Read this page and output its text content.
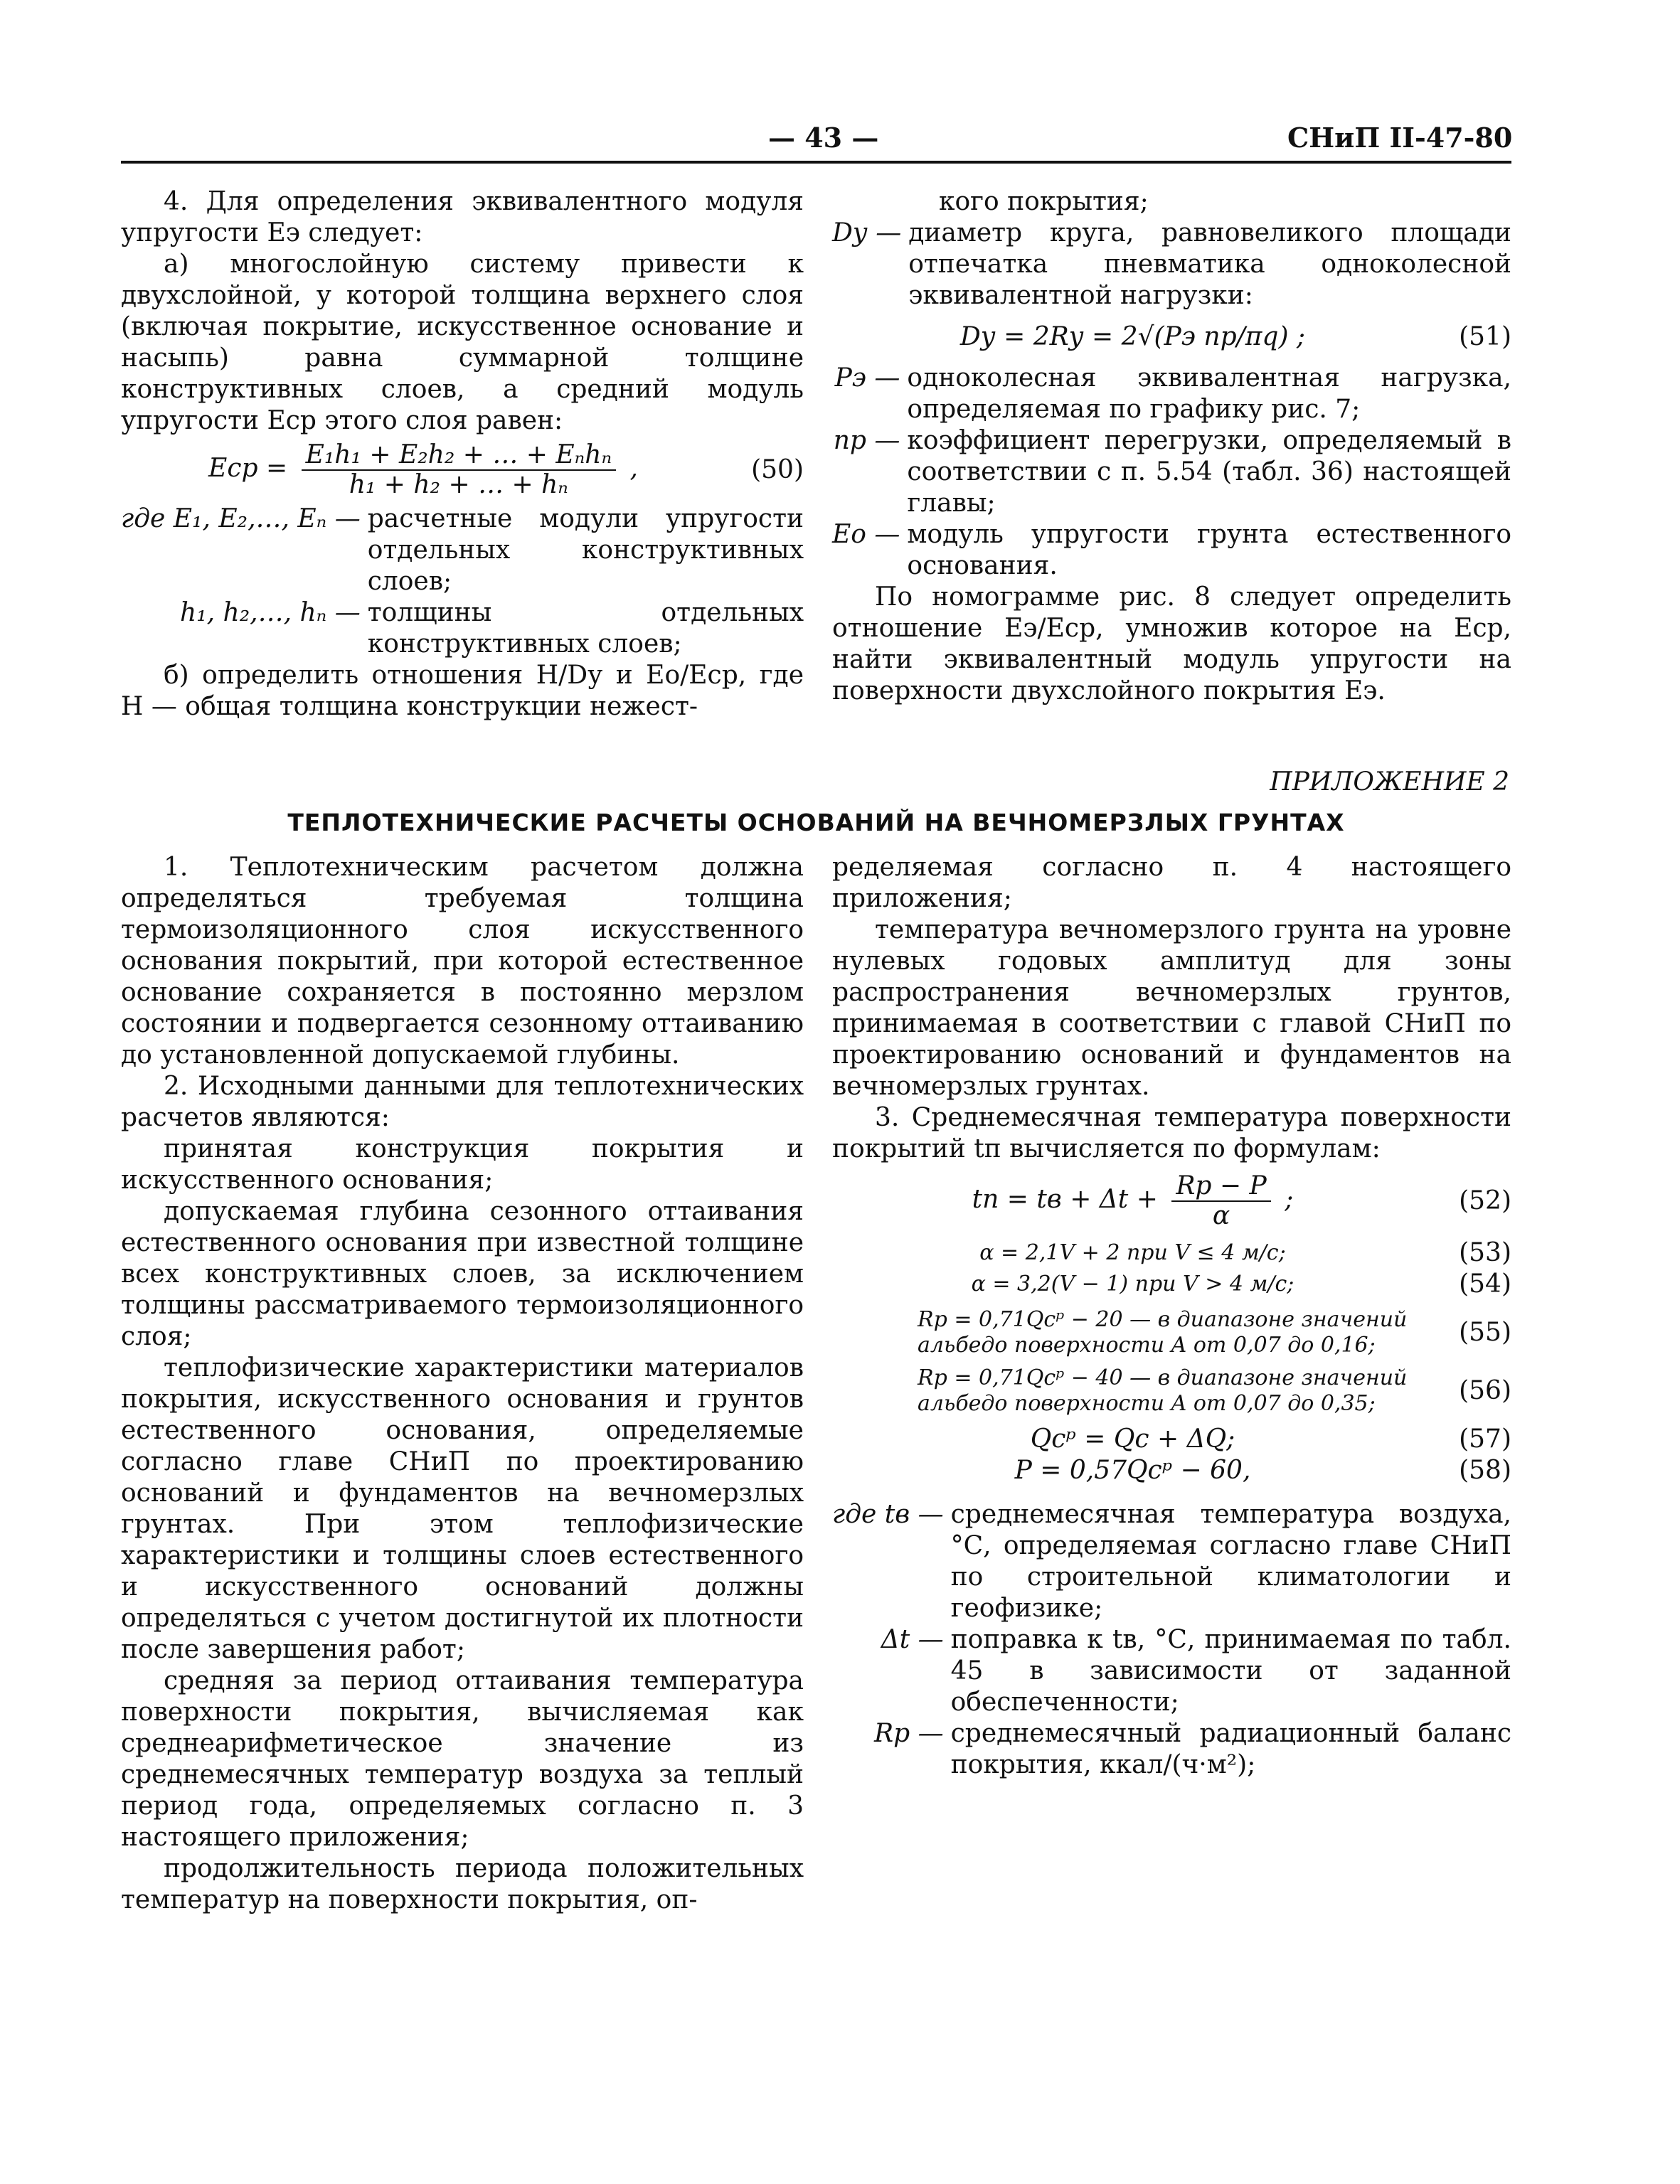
— 43 —	СНиП II-47-80

4. Для определения эквивалентного модуля упругости Eэ следует:

а) многослойную систему привести к двухслойной, у которой толщина верхнего слоя (включая покрытие, искусственное основание и насыпь) равна суммарной толщине конструктивных слоев, а средний модуль упругости Eср этого слоя равен:

Eср = $\frac{\text{E₁h₁ + E₂h₂ + … + Eₙhₙ}}{\text{h₁ + h₂ + … + hₙ}}$ ,	(50)
где E₁, E₂,…, Eₙ — расчетные модули упругости отдельных конструктивных слоев;
h₁, h₂,…, hₙ — толщины отдельных конструктивных слоев;

б) определить отношения H/Dу и Eо/Eср, где H — общая толщина конструкции нежест-

кого покрытия;

Dу — диаметр круга, равновеликого площади отпечатка пневматика одноколесной эквивалентной нагрузки:
Dу = 2Rу = 2√(Pэ nр/πq) ;	(51)
Pэ — одноколесная эквивалентная нагрузка, определяемая по графику рис. 7;
nр — коэффициент перегрузки, определяемый в соответствии с п. 5.54 (табл. 36) настоящей главы;
Eо — модуль упругости грунта естественного основания.

По номограмме рис. 8 следует определить отношение Eэ/Eср, умножив которое на Eср, найти эквивалентный модуль упругости на поверхности двухслойного покрытия Eэ.

ПРИЛОЖЕНИЕ 2
ТЕПЛОТЕХНИЧЕСКИЕ РАСЧЕТЫ ОСНОВАНИЙ НА ВЕЧНОМЕРЗЛЫХ ГРУНТАХ

1. Теплотехническим расчетом должна определяться требуемая толщина термоизоляционного слоя искусственного основания покрытий, при которой естественное основание сохраняется в постоянно мерзлом состоянии и подвергается сезонному оттаиванию до установленной допускаемой глубины.

2. Исходными данными для теплотехнических расчетов являются:

принятая конструкция покрытия и искусственного основания;

допускаемая глубина сезонного оттаивания естественного основания при известной толщине всех конструктивных слоев, за исключением толщины рассматриваемого термоизоляционного слоя;

теплофизические характеристики материалов покрытия, искусственного основания и грунтов естественного основания, определяемые согласно главе СНиП по проектированию оснований и фундаментов на вечномерзлых грунтах. При этом теплофизические характеристики и толщины слоев естественного и искусственного оснований должны определяться с учетом достигнутой их плотности после завершения работ;

средняя за период оттаивания температура поверхности покрытия, вычисляемая как среднеарифметическое значение из среднемесячных температур воздуха за теплый период года, определяемых согласно п. 3 настоящего приложения;

продолжительность периода положительных температур на поверхности покрытия, оп-

ределяемая согласно п. 4 настоящего приложения;

температура вечномерзлого грунта на уровне нулевых годовых амплитуд для зоны распространения вечномерзлых грунтов, принимаемая в соответствии с главой СНиП по проектированию оснований и фундаментов на вечномерзлых грунтах.

3. Среднемесячная температура поверхности покрытий tп вычисляется по формулам:

tп = tв + $\Delta t + \frac{Rр - P}{\alpha}$ ;	(52)
α = 2,1V + 2 при V ≤ 4 м/с;	(53)
α = 3,2(V − 1) при V > 4 м/с;	(54)
Rр = 0,71Qсᵖ − 20 — в диапазоне значений альбедо поверхности A от 0,07 до 0,16;	(55)
Rр = 0,71Qсᵖ − 40 — в диапазоне значений альбедо поверхности A от 0,07 до 0,35;	(56)
Qсᵖ = Qс + ΔQ;	(57)
P = 0,57Qсᵖ − 60,	(58)
где tв — среднемесячная температура воздуха, °С, определяемая согласно главе СНиП по строительной климатологии и геофизике;
Δt — поправка к tв, °С, принимаемая по табл. 45 в зависимости от заданной обеспеченности;
Rр — среднемесячный радиационный баланс покрытия, ккал/(ч·м²);
